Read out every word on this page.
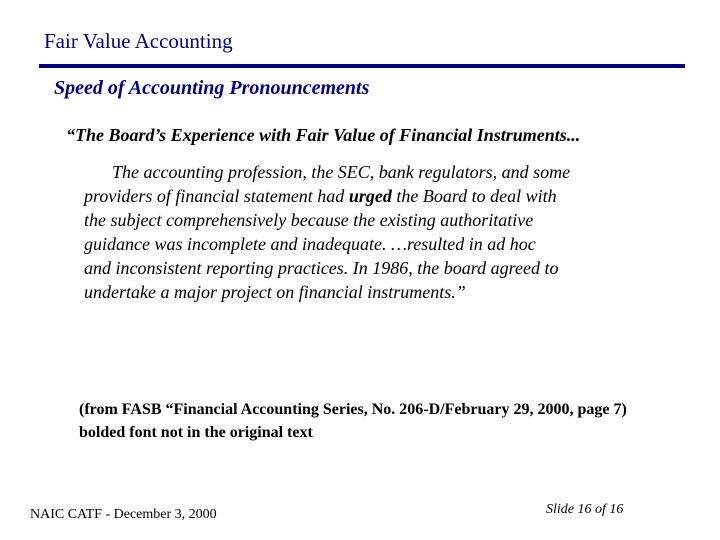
Fair Value Accounting
Speed of Accounting Pronouncements
“The Board’s Experience with Fair Value of Financial Instruments...
The accounting profession, the SEC, bank regulators, and some
providers of financial statement had urged the Board to deal with
the subject comprehensively because the existing authoritative
guidance was incomplete and inadequate. …resulted in ad hoc
and inconsistent reporting practices. In 1986, the board agreed to
undertake a major project on financial instruments.”
(from FASB “Financial Accounting Series, No. 206-D/February 29, 2000, page 7)
bolded font not in the original text
NAIC CATF - December 3, 2000	Slide 16 of 16
